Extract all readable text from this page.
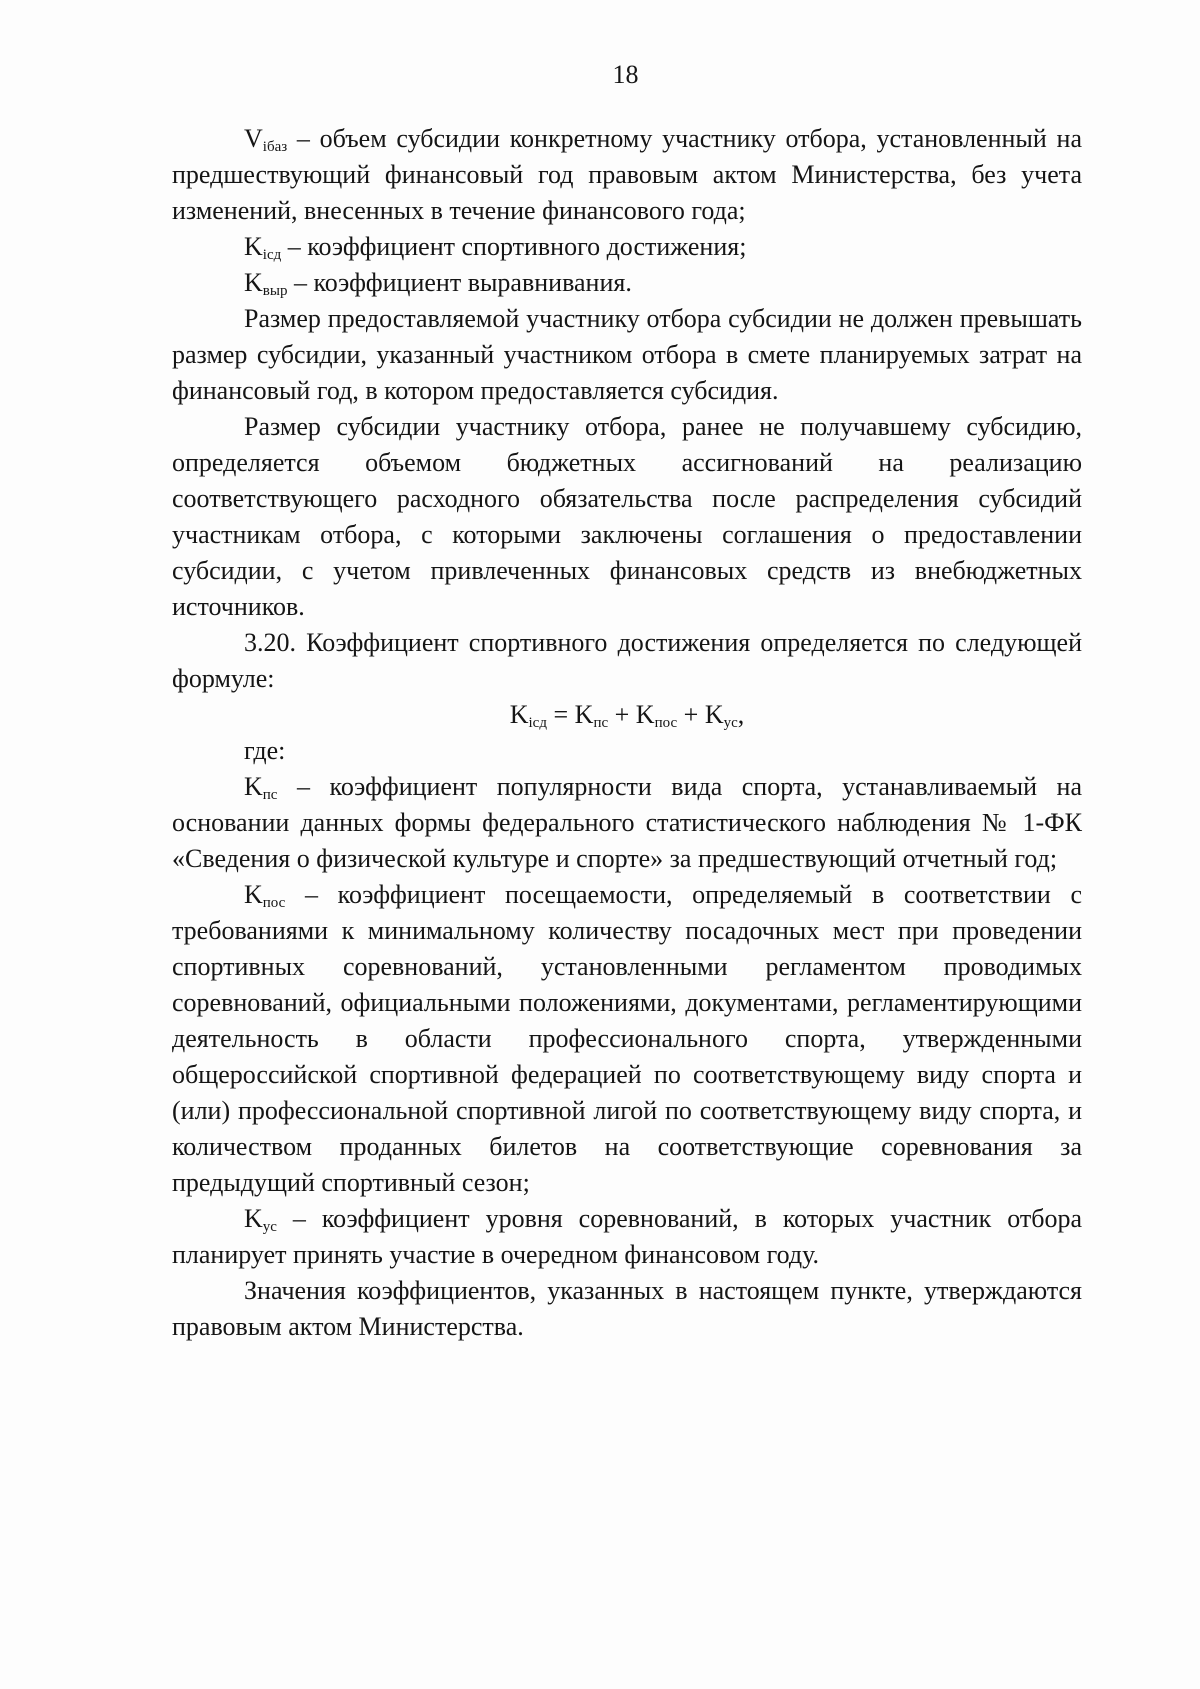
18

$V_{iбаз}$ – объем субсидии конкретному участнику отбора, установленный на предшествующий финансовый год правовым актом Министерства, без учета изменений, внесенных в течение финансового года;

$K_{iсд}$ – коэффициент спортивного достижения;

$K_{выр}$ – коэффициент выравнивания.

Размер предоставляемой участнику отбора субсидии не должен превышать размер субсидии, указанный участником отбора в смете планируемых затрат на финансовый год, в котором предоставляется субсидия.

Размер субсидии участнику отбора, ранее не получавшему субсидию, определяется объемом бюджетных ассигнований на реализацию соответствующего расходного обязательства после распределения субсидий участникам отбора, с которыми заключены соглашения о предоставлении субсидии, с учетом привлеченных финансовых средств из внебюджетных источников.

3.20. Коэффициент спортивного достижения определяется по следующей формуле:

$K_{iсд} = K_{пс} + K_{пос} + K_{ус}$,

где:

$K_{пс}$ – коэффициент популярности вида спорта, устанавливаемый на основании данных формы федерального статистического наблюдения № 1-ФК «Сведения о физической культуре и спорте» за предшествующий отчетный год;

$K_{пос}$ – коэффициент посещаемости, определяемый в соответствии с требованиями к минимальному количеству посадочных мест при проведении спортивных соревнований, установленными регламентом проводимых соревнований, официальными положениями, документами, регламентирующими деятельность в области профессионального спорта, утвержденными общероссийской спортивной федерацией по соответствующему виду спорта и (или) профессиональной спортивной лигой по соответствующему виду спорта, и количеством проданных билетов на соответствующие соревнования за предыдущий спортивный сезон;

$K_{ус}$ – коэффициент уровня соревнований, в которых участник отбора планирует принять участие в очередном финансовом году.

Значения коэффициентов, указанных в настоящем пункте, утверждаются правовым актом Министерства.
